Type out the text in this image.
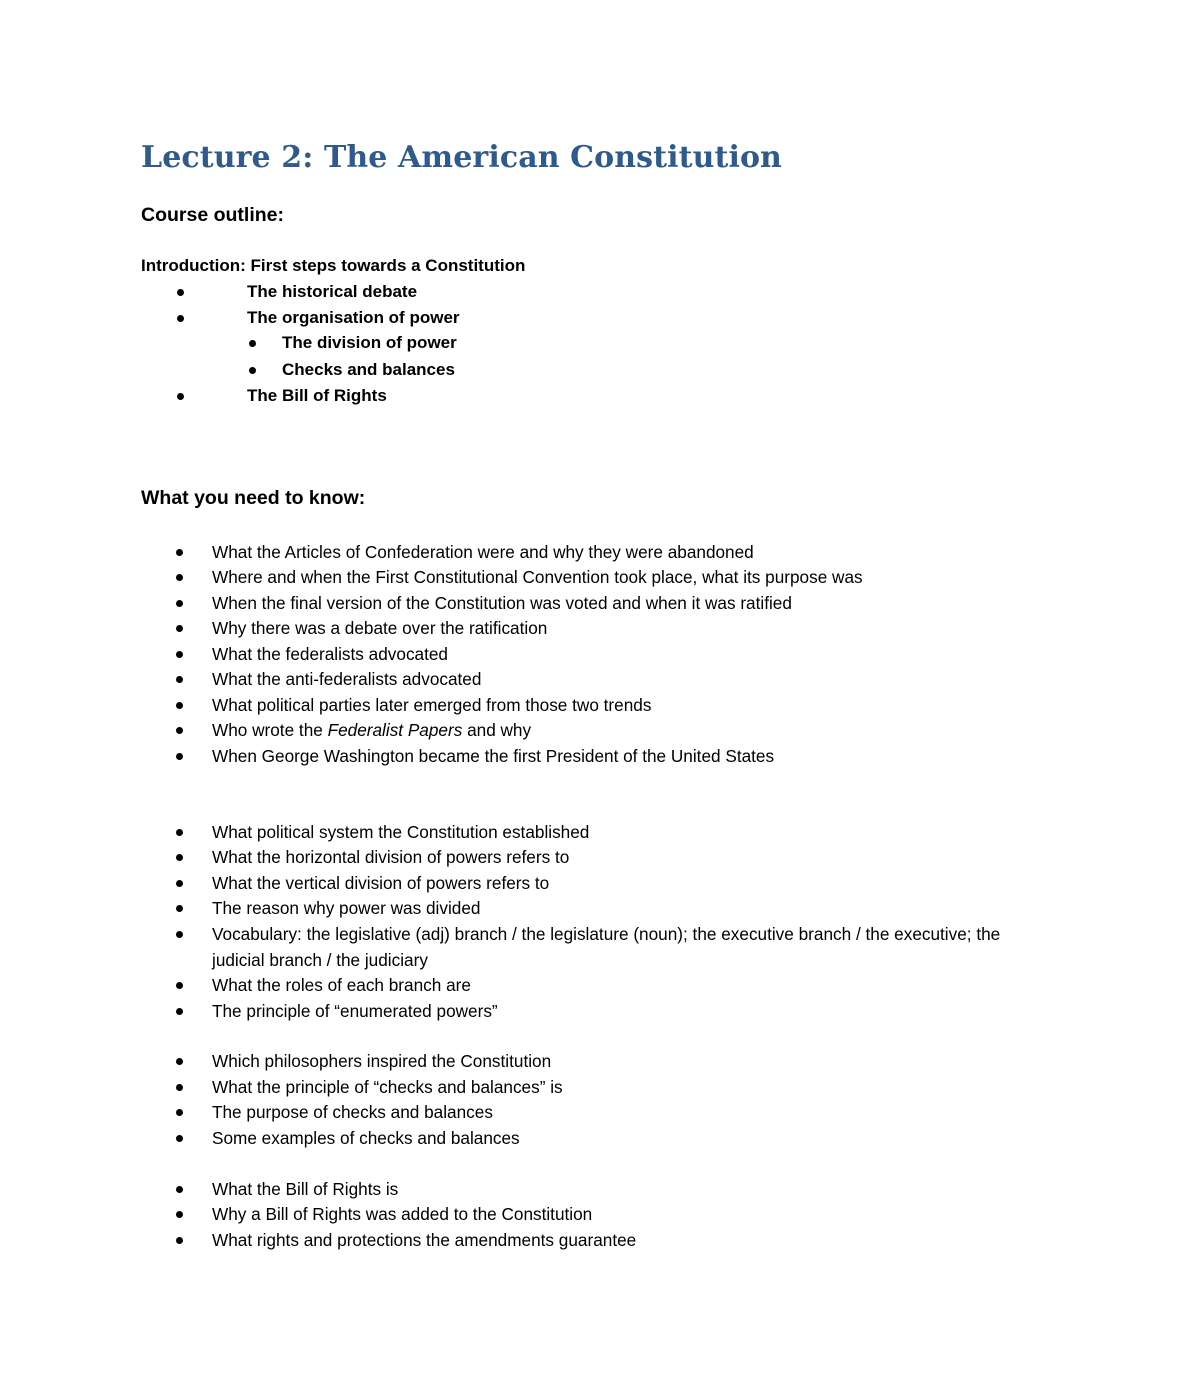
Lecture 2: The American Constitution
Course outline:

Introduction: First steps towards a Constitution

The historical debate
The organisation of power
The division of power
Checks and balances
The Bill of Rights
What you need to know:
What the Articles of Confederation were and why they were abandoned
Where and when the First Constitutional Convention took place, what its purpose was
When the final version of the Constitution was voted and when it was ratified
Why there was a debate over the ratification
What the federalists advocated
What the anti-federalists advocated
What political parties later emerged from those two trends
Who wrote the Federalist Papers and why
When George Washington became the first President of the United States
What political system the Constitution established
What the horizontal division of powers refers to
What the vertical division of powers refers to
The reason why power was divided
Vocabulary: the legislative (adj) branch / the legislature (noun); the executive branch / the executive; the judicial branch / the judiciary
What the roles of each branch are
The principle of “enumerated powers”
Which philosophers inspired the Constitution
What the principle of “checks and balances” is
The purpose of checks and balances
Some examples of checks and balances
What the Bill of Rights is
Why a Bill of Rights was added to the Constitution
What rights and protections the amendments guarantee
